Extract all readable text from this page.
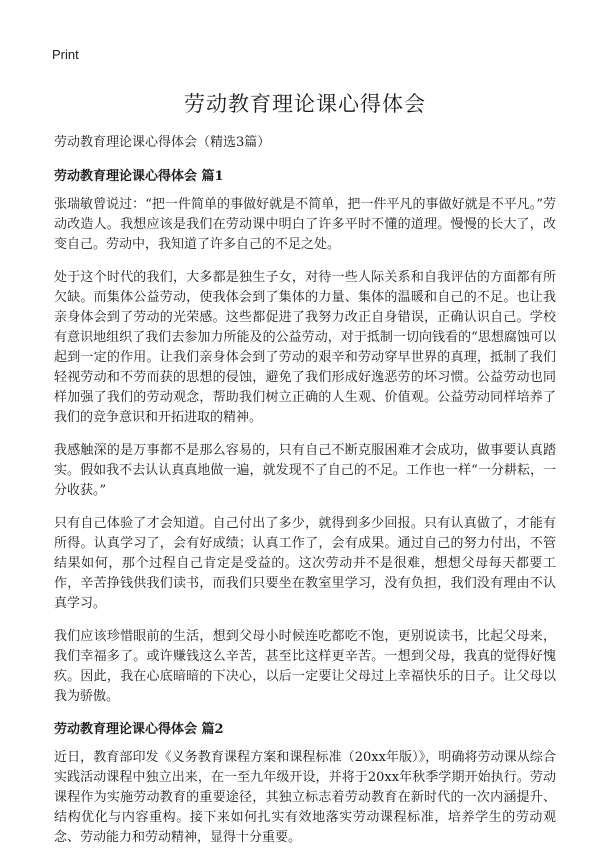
Print
劳动教育理论课心得体会
劳动教育理论课心得体会（精选3篇）
劳动教育理论课心得体会 篇1

张瑞敏曾说过：“把一件简单的事做好就是不简单，把一件平凡的事做好就是不平凡。”劳动改造人。我想应该是我们在劳动课中明白了许多平时不懂的道理。慢慢的长大了，改变自己。劳动中，我知道了许多自己的不足之处。

处于这个时代的我们，大多都是独生子女，对待一些人际关系和自我评估的方面都有所欠缺。而集体公益劳动，使我体会到了集体的力量、集体的温暖和自己的不足。也让我亲身体会到了劳动的光荣感。这些都促进了我努力改正自身错误，正确认识自己。学校有意识地组织了我们去参加力所能及的公益劳动，对于抵制一切向钱看的“思想腐蚀可以起到一定的作用。让我们亲身体会到了劳动的艰辛和劳动穿早世界的真理，抵制了我们轻视劳动和不劳而获的思想的侵蚀，避免了我们形成好逸恶劳的坏习惯。公益劳动也同样加强了我们的劳动观念，帮助我们树立正确的人生观、价值观。公益劳动同样培养了我们的竞争意识和开拓进取的精神。

我感触深的是万事都不是那么容易的，只有自己不断克服困难才会成功，做事要认真踏实。假如我不去认认真真地做一遍，就发现不了自己的不足。工作也一样“一分耕耘，一分收获。”

只有自己体验了才会知道。自己付出了多少，就得到多少回报。只有认真做了，才能有所得。认真学习了，会有好成绩；认真工作了，会有成果。通过自己的努力付出，不管结果如何，那个过程自己肯定是受益的。这次劳动并不是很难，想想父母每天都要工作，辛苦挣钱供我们读书，而我们只要坐在教室里学习，没有负担，我们没有理由不认真学习。

我们应该珍惜眼前的生活，想到父母小时候连吃都吃不饱，更别说读书，比起父母来，我们幸福多了。或许赚钱这么辛苦，甚至比这样更辛苦。一想到父母，我真的觉得好愧疚。因此，我在心底暗暗的下决心，以后一定要让父母过上幸福快乐的日子。让父母以我为骄傲。

劳动教育理论课心得体会 篇2

近日，教育部印发《义务教育课程方案和课程标准（20xx年版）》，明确将劳动课从综合实践活动课程中独立出来，在一至九年级开设，并将于20xx年秋季学期开始执行。劳动课程作为实施劳动教育的重要途径，其独立标志着劳动教育在新时代的一次内涵提升、结构优化与内容重构。接下来如何扎实有效地落实劳动课程标准，培养学生的劳动观念、劳动能力和劳动精神，显得十分重要。
